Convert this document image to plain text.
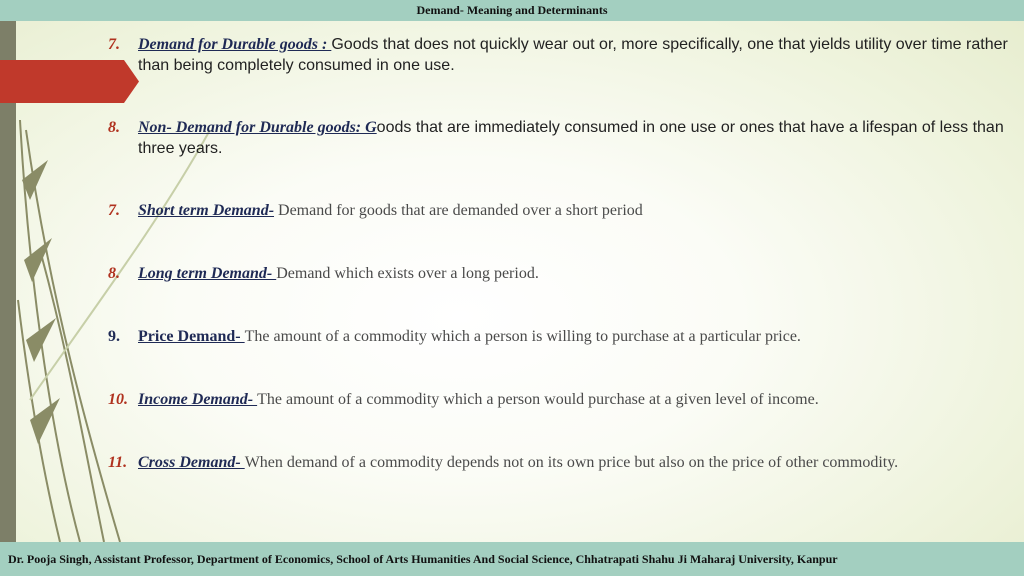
Demand- Meaning and Determinants
7. Demand for Durable goods : Goods that does not quickly wear out or, more specifically, one that yields utility over time rather than being completely consumed in one use.
8. Non- Demand for Durable goods: Goods that are immediately consumed in one use or ones that have a lifespan of less than three years.
7. Short term Demand- Demand for goods that are demanded over a short period
8. Long term Demand- Demand which exists over a long period.
9. Price Demand- The amount of a commodity which a person is willing to purchase at a particular price.
10. Income Demand- The amount of a commodity which a person would purchase at a given level of income.
11. Cross Demand- When demand of a commodity depends not on its own price but also on the price of other commodity.
Dr. Pooja Singh, Assistant Professor, Department of Economics, School of Arts Humanities And Social Science, Chhatrapati Shahu Ji Maharaj University, Kanpur
